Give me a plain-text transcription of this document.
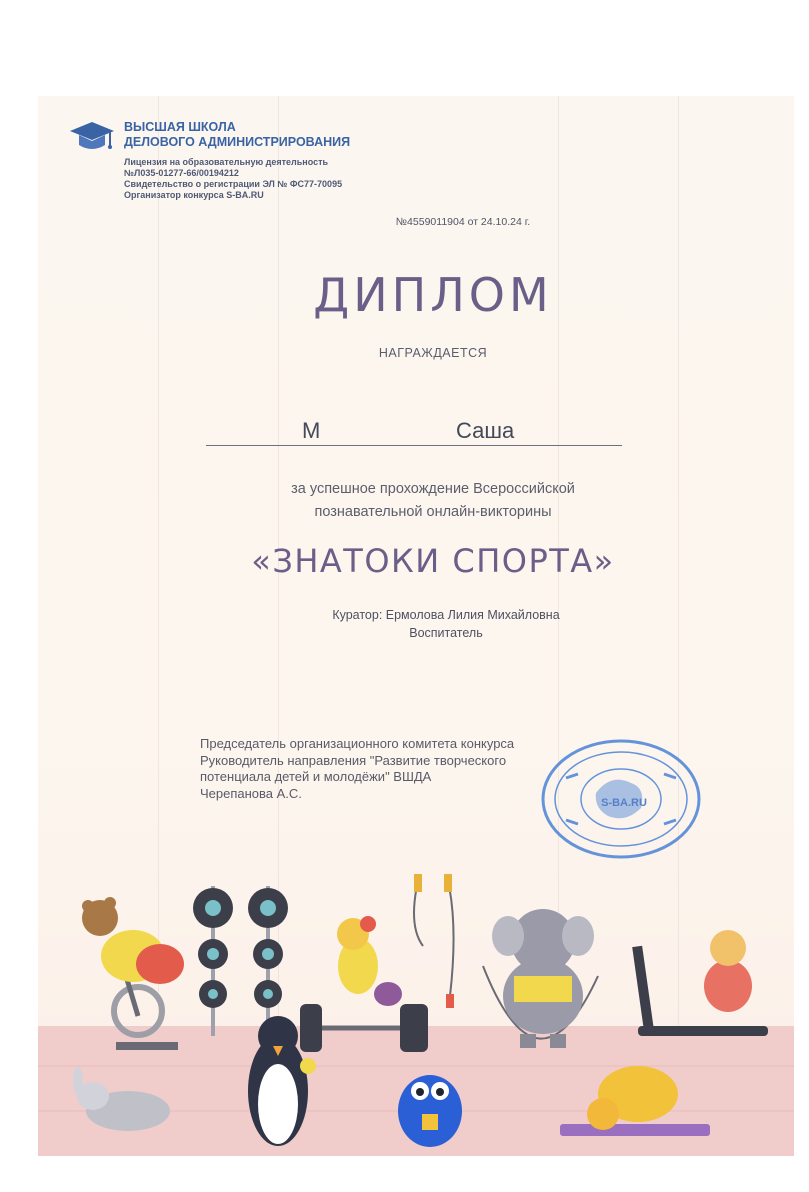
ВЫСШАЯ ШКОЛА
ДЕЛОВОГО АДМИНИСТРИРОВАНИЯ
Лицензия на образовательную деятельность
№Л035-01277-66/00194212
Свидетельство о регистрации ЭЛ № ФС77-70095
Организатор конкурса S-BA.RU
№4559011904 от 24.10.24 г.
ДИПЛОМ
НАГРАЖДАЕТСЯ
М	Саша
за успешное прохождение Всероссийской
познавательной онлайн-викторины
«ЗНАТОКИ СПОРТА»
Куратор: Ермолова Лилия Михайловна
Воспитатель
Председатель организационного комитета конкурса
Руководитель направления "Развитие творческого
потенциала детей и молодёжи" ВШДА
Черепанова А.С.
S-BA.RU
